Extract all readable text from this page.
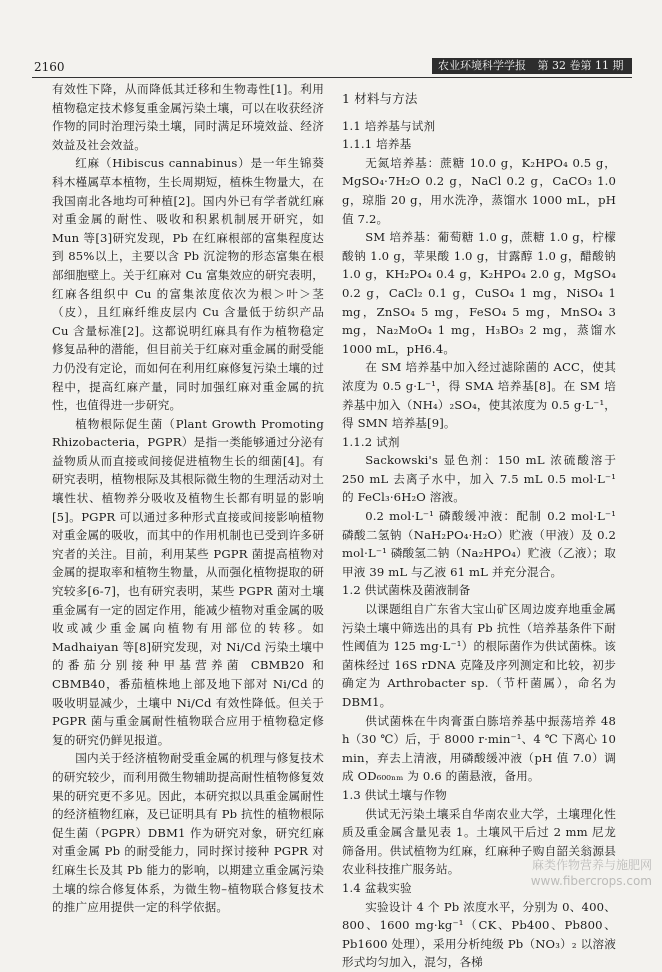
2160	农业环境科学学报 第 32 卷第 11 期

有效性下降，从而降低其迁移和生物毒性[1]。利用植物稳定技术修复重金属污染土壤，可以在收获经济作物的同时治理污染土壤，同时满足环境效益、经济效益及社会效益。

红麻（Hibiscus cannabinus）是一年生锦葵科木槿属草本植物，生长周期短，植株生物量大，在我国南北各地均可种植[2]。国内外已有学者就红麻对重金属的耐性、吸收和积累机制展开研究，如 Mun 等[3]研究发现，Pb 在红麻根部的富集程度达到 85%以上，主要以含 Pb 沉淀物的形态富集在根部细胞壁上。关于红麻对 Cu 富集效应的研究表明，红麻各组织中 Cu 的富集浓度依次为根＞叶＞茎（皮），且红麻纤维皮层内 Cu 含量低于纺织产品 Cu 含量标准[2]。这都说明红麻具有作为植物稳定修复品种的潜能，但目前关于红麻对重金属的耐受能力仍没有定论，而如何在利用红麻修复污染土壤的过程中，提高红麻产量，同时加强红麻对重金属的抗性，也值得进一步研究。

植物根际促生菌（Plant Growth Promoting Rhizobacteria，PGPR）是指一类能够通过分泌有益物质从而直接或间接促进植物生长的细菌[4]。有研究表明，植物根际及其根际微生物的生理活动对土壤性状、植物养分吸收及植物生长都有明显的影响[5]。PGPR 可以通过多种形式直接或间接影响植物对重金属的吸收，而其中的作用机制也已受到许多研究者的关注。目前，利用某些 PGPR 菌提高植物对金属的提取率和植物生物量，从而强化植物提取的研究较多[6-7]，也有研究表明，某些 PGPR 菌对土壤重金属有一定的固定作用，能减少植物对重金属的吸收或减少重金属向植物有用部位的转移。如 Madhaiyan 等[8]研究发现，对 Ni/Cd 污染土壤中的番茄分别接种甲基营养菌 CBMB20 和 CBMB40，番茄植株地上部及地下部对 Ni/Cd 的吸收明显减少，土壤中 Ni/Cd 有效性降低。但关于 PGPR 菌与重金属耐性植物联合应用于植物稳定修复的研究仍鲜见报道。

国内关于经济植物耐受重金属的机理与修复技术的研究较少，而利用微生物辅助提高耐性植物修复效果的研究更不多见。因此，本研究拟以具重金属耐性的经济植物红麻，及已证明具有 Pb 抗性的植物根际促生菌（PGPR）DBM1 作为研究对象，研究红麻对重金属 Pb 的耐受能力，同时探讨接种 PGPR 对红麻生长及其 Pb 能力的影响，以期建立重金属污染土壤的综合修复体系，为微生物–植物联合修复技术的推广应用提供一定的科学依据。

1 材料与方法

1.1 培养基与试剂

1.1.1 培养基

无氮培养基：蔗糖 10.0 g，K₂HPO₄ 0.5 g，MgSO₄·7H₂O 0.2 g，NaCl 0.2 g，CaCO₃ 1.0 g，琼脂 20 g，用水洗净，蒸馏水 1000 mL，pH 值 7.2。

SM 培养基：葡萄糖 1.0 g，蔗糖 1.0 g，柠檬酸钠 1.0 g，苹果酸 1.0 g，甘露醇 1.0 g，醋酸钠 1.0 g，KH₂PO₄ 0.4 g，K₂HPO₄ 2.0 g，MgSO₄ 0.2 g，CaCl₂ 0.1 g，CuSO₄ 1 mg，NiSO₄ 1 mg，ZnSO₄ 5 mg，FeSO₄ 5 mg，MnSO₄ 3 mg，Na₂MoO₄ 1 mg，H₃BO₃ 2 mg，蒸馏水 1000 mL，pH6.4。

在 SM 培养基中加入经过滤除菌的 ACC，使其浓度为 0.5 g·L⁻¹，得 SMA 培养基[8]。在 SM 培养基中加入（NH₄）₂SO₄，使其浓度为 0.5 g·L⁻¹，得 SMN 培养基[9]。

1.1.2 试剂

Sackowski's 显色剂：150 mL 浓硫酸溶于 250 mL 去离子水中，加入 7.5 mL 0.5 mol·L⁻¹ 的 FeCl₃·6H₂O 溶液。

0.2 mol·L⁻¹ 磷酸缓冲液：配制 0.2 mol·L⁻¹ 磷酸二氢钠（NaH₂PO₄·H₂O）贮液（甲液）及 0.2 mol·L⁻¹ 磷酸氢二钠（Na₂HPO₄）贮液（乙液）；取甲液 39 mL 与乙液 61 mL 并充分混合。

1.2 供试菌株及菌液制备

以课题组自广东省大宝山矿区周边废弃地重金属污染土壤中筛选出的具有 Pb 抗性（培养基条件下耐性阈值为 125 mg·L⁻¹）的根际菌作为供试菌株。该菌株经过 16S rDNA 克隆及序列测定和比较，初步确定为 Arthrobacter sp.（节杆菌属），命名为 DBM1。

供试菌株在牛肉膏蛋白胨培养基中振荡培养 48 h（30 ℃）后，于 8000 r·min⁻¹、4 ℃ 下离心 10 min，弃去上清液，用磷酸缓冲液（pH 值 7.0）调成 OD₆₀₀ₙₘ 为 0.6 的菌悬液，备用。

1.3 供试土壤与作物

供试无污染土壤采自华南农业大学，土壤理化性质及重金属含量见表 1。土壤风干后过 2 mm 尼龙筛备用。供试植物为红麻，红麻种子购自韶关翁源县农业科技推广服务站。

1.4 盆栽实验

实验设计 4 个 Pb 浓度水平，分别为 0、400、800、1600 mg·kg⁻¹（CK、Pb400、Pb800、Pb1600 处理），采用分析纯级 Pb（NO₃）₂ 以溶液形式均匀加入，混匀，各梯

麻类作物营养与施肥网
www.fibercrops.com
